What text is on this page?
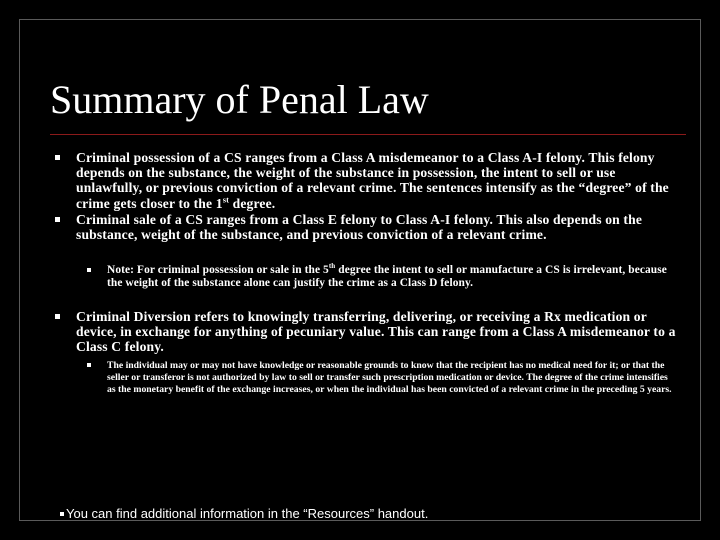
Summary of Penal Law
Criminal possession of a CS ranges from a Class A misdemeanor to a Class A-I felony. This felony depends on the substance, the weight of the substance in possession, the intent to sell or use unlawfully, or previous conviction of a relevant crime. The sentences intensify as the “degree” of the crime gets closer to the 1st degree.
Criminal sale of a CS ranges from a Class E felony to Class A-I felony. This also depends on the substance, weight of the substance, and previous conviction of a relevant crime.
Note: For criminal possession or sale in the 5th degree the intent to sell or manufacture a CS is irrelevant, because the weight of the substance alone can justify the crime as a Class D felony.
Criminal Diversion refers to knowingly transferring, delivering, or receiving a Rx medication or device, in exchange for anything of pecuniary value. This can range from a Class A misdemeanor to a Class C felony.
The individual may or may not have knowledge or reasonable grounds to know that the recipient has no medical need for it; or that the seller or transferor is not authorized by law to sell or transfer such prescription medication or device. The degree of the crime intensifies as the monetary benefit of the exchange increases, or when the individual has been convicted of a relevant crime in the preceding 5 years.
You can find additional information in the “Resources” handout.
